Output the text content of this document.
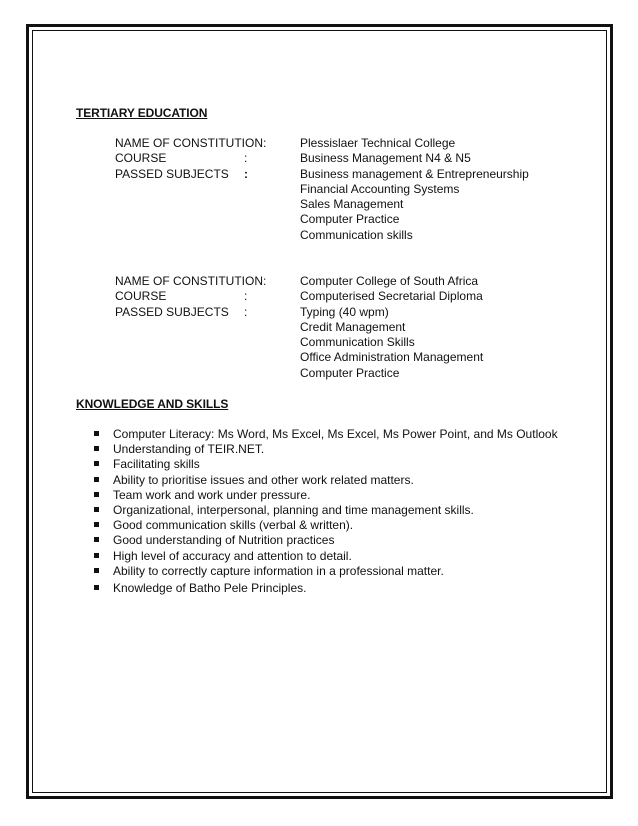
TERTIARY EDUCATION
NAME OF CONSTITUTION:	Plessislaer Technical College
COURSE	:	Business Management N4 & N5
PASSED SUBJECTS :	Business management & Entrepreneurship
Financial Accounting Systems
Sales Management
Computer Practice
Communication skills
NAME OF CONSTITUTION:	Computer College of South Africa
COURSE	:	Computerised Secretarial Diploma
PASSED SUBJECTS :	Typing (40 wpm)
Credit Management
Communication Skills
Office Administration Management
Computer Practice
KNOWLEDGE AND SKILLS
Computer Literacy: Ms Word, Ms Excel, Ms Excel, Ms Power Point, and Ms Outlook
Understanding of TEIR.NET.
Facilitating skills
Ability to prioritise issues and other work related matters.
Team work and work under pressure.
Organizational, interpersonal, planning and time management skills.
Good communication skills (verbal & written).
Good understanding of Nutrition practices
High level of accuracy and attention to detail.
Ability to correctly capture information in a professional matter.
Knowledge of Batho Pele Principles.
